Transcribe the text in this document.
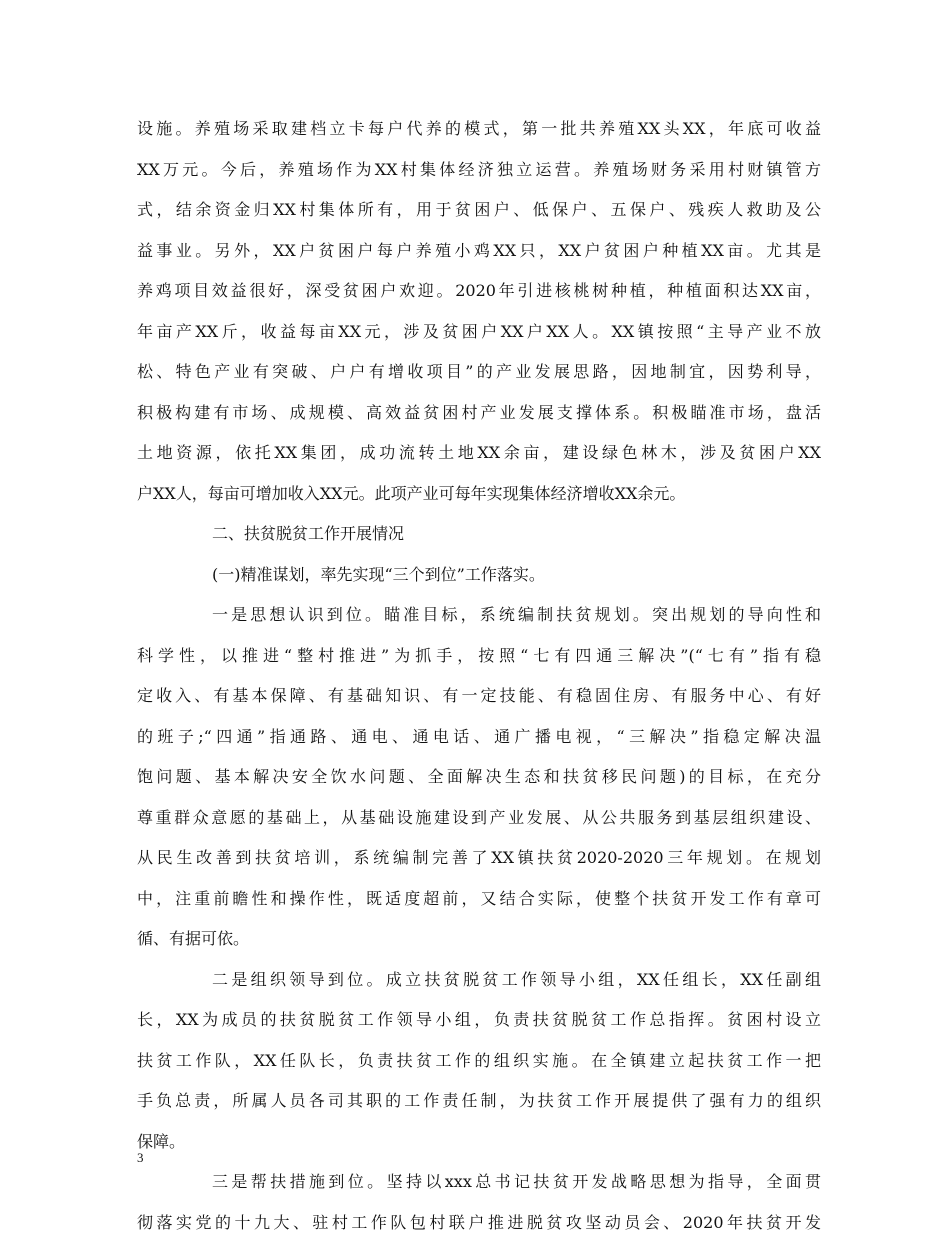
设施。养殖场采取建档立卡每户代养的模式，第一批共养殖XX头XX，年底可收益
XX万元。今后，养殖场作为XX村集体经济独立运营。养殖场财务采用村财镇管方
式，结余资金归XX村集体所有，用于贫困户、低保户、五保户、残疾人救助及公
益事业。另外，XX户贫困户每户养殖小鸡XX只，XX户贫困户种植XX亩。尤其是
养鸡项目效益很好，深受贫困户欢迎。2020年引进核桃树种植，种植面积达XX亩，
年亩产XX斤，收益每亩XX元，涉及贫困户XX户XX人。XX镇按照“主导产业不放
松、特色产业有突破、户户有增收项目”的产业发展思路，因地制宜，因势利导，
积极构建有市场、成规模、高效益贫困村产业发展支撑体系。积极瞄准市场，盘活
土地资源，依托XX集团，成功流转土地XX余亩，建设绿色林木，涉及贫困户XX
户XX人，每亩可增加收入XX元。此项产业可每年实现集体经济增收XX余元。
二、扶贫脱贫工作开展情况
(一)精准谋划，率先实现“三个到位”工作落实。
一是思想认识到位。瞄准目标，系统编制扶贫规划。突出规划的导向性和
科学性，以推进“整村推进”为抓手，按照“七有四通三解决”(“七有”指有稳
定收入、有基本保障、有基础知识、有一定技能、有稳固住房、有服务中心、有好
的班子;“四通”指通路、通电、通电话、通广播电视，“三解决”指稳定解决温
饱问题、基本解决安全饮水问题、全面解决生态和扶贫移民问题)的目标，在充分
尊重群众意愿的基础上，从基础设施建设到产业发展、从公共服务到基层组织建设、
从民生改善到扶贫培训，系统编制完善了XX镇扶贫2020-2020三年规划。在规划
中，注重前瞻性和操作性，既适度超前，又结合实际，使整个扶贫开发工作有章可
循、有据可依。
二是组织领导到位。成立扶贫脱贫工作领导小组，XX任组长，XX任副组
长，XX为成员的扶贫脱贫工作领导小组，负责扶贫脱贫工作总指挥。贫困村设立
扶贫工作队，XX任队长，负责扶贫工作的组织实施。在全镇建立起扶贫工作一把
手负总责，所属人员各司其职的工作责任制，为扶贫工作开展提供了强有力的组织
保障。
三是帮扶措施到位。坚持以xxx总书记扶贫开发战略思想为指导，全面贯
彻落实党的十九大、驻村工作队包村联户推进脱贫攻坚动员会、2020年扶贫开发
3
